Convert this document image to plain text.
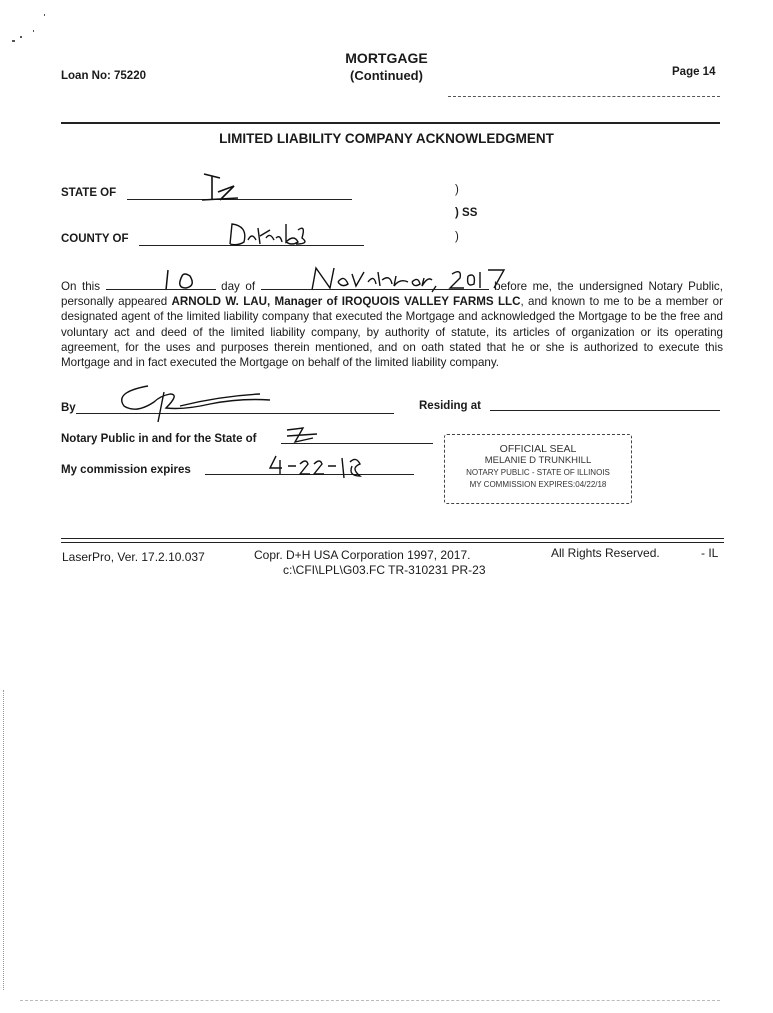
MORTGAGE
(Continued)
Loan No: 75220	Page 14
LIMITED LIABILITY COMPANY ACKNOWLEDGMENT
STATE OF	)
) SS
)
COUNTY OF
On this	day of	before me, the undersigned Notary Public, personally appeared ARNOLD W. LAU, Manager of IROQUOIS VALLEY FARMS LLC, and known to me to be a member or designated agent of the limited liability company that executed the Mortgage and acknowledged the Mortgage to be the free and voluntary act and deed of the limited liability company, by authority of statute, its articles of organization or its operating agreement, for the uses and purposes therein mentioned, and on oath stated that he or she is authorized to execute this Mortgage and in fact executed the Mortgage on behalf of the limited liability company.
By	Residing at
Notary Public in and for the State of
My commission expires
OFFICIAL SEAL
MELANIE D TRUNKHILL
NOTARY PUBLIC - STATE OF ILLINOIS
MY COMMISSION EXPIRES:04/22/18
LaserPro, Ver. 17.2.10.037	Copr. D+H USA Corporation 1997, 2017.	All Rights Reserved.	- IL
c:\CFI\LPL\G03.FC TR-310231 PR-23
